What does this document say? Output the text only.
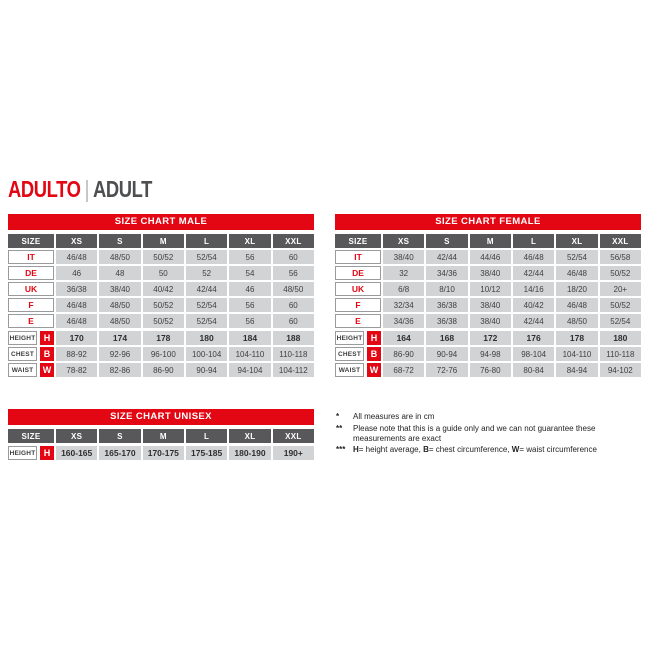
ADULTO | ADULT
SIZE CHART MALE
SIZE	XS	S	M	L	XL	XXL
IT	46/48	48/50	50/52	52/54	56	60
DE	46	48	50	52	54	56
UK	36/38	38/40	40/42	42/44	46	48/50
F	46/48	48/50	50/52	52/54	56	60
E	46/48	48/50	50/52	52/54	56	60
HEIGHT H	170	174	178	180	184	188
CHEST	B	88-92	92-96	96-100	100-104	104-110	110-118
WAIST	W	78-82	82-86	86-90	90-94	94-104	104-112
SIZE CHART FEMALE
SIZE	XS	S	M	L	XL	XXL
IT	38/40	42/44	44/46	46/48	52/54	56/58
DE	32	34/36	38/40	42/44	46/48	50/52
UK	6/8	8/10	10/12	14/16	18/20	20+
F	32/34	36/38	38/40	40/42	46/48	50/52
E	34/36	36/38	38/40	42/44	48/50	52/54
HEIGHT H	164	168	172	176	178	180
CHEST	B	86-90	90-94	94-98	98-104	104-110	110-118
WAIST	W	68-72	72-76	76-80	80-84	84-94	94-102
SIZE CHART UNISEX
SIZE	XS	S	M	L	XL	XXL
HEIGHT H	160-165	165-170	170-175	175-185	180-190	190+
*	All measures are in cm
**	Please note that this is a guide only and we can not guarantee these measurements are exact
*** H= height average, B= chest circumference, W= waist circumference
